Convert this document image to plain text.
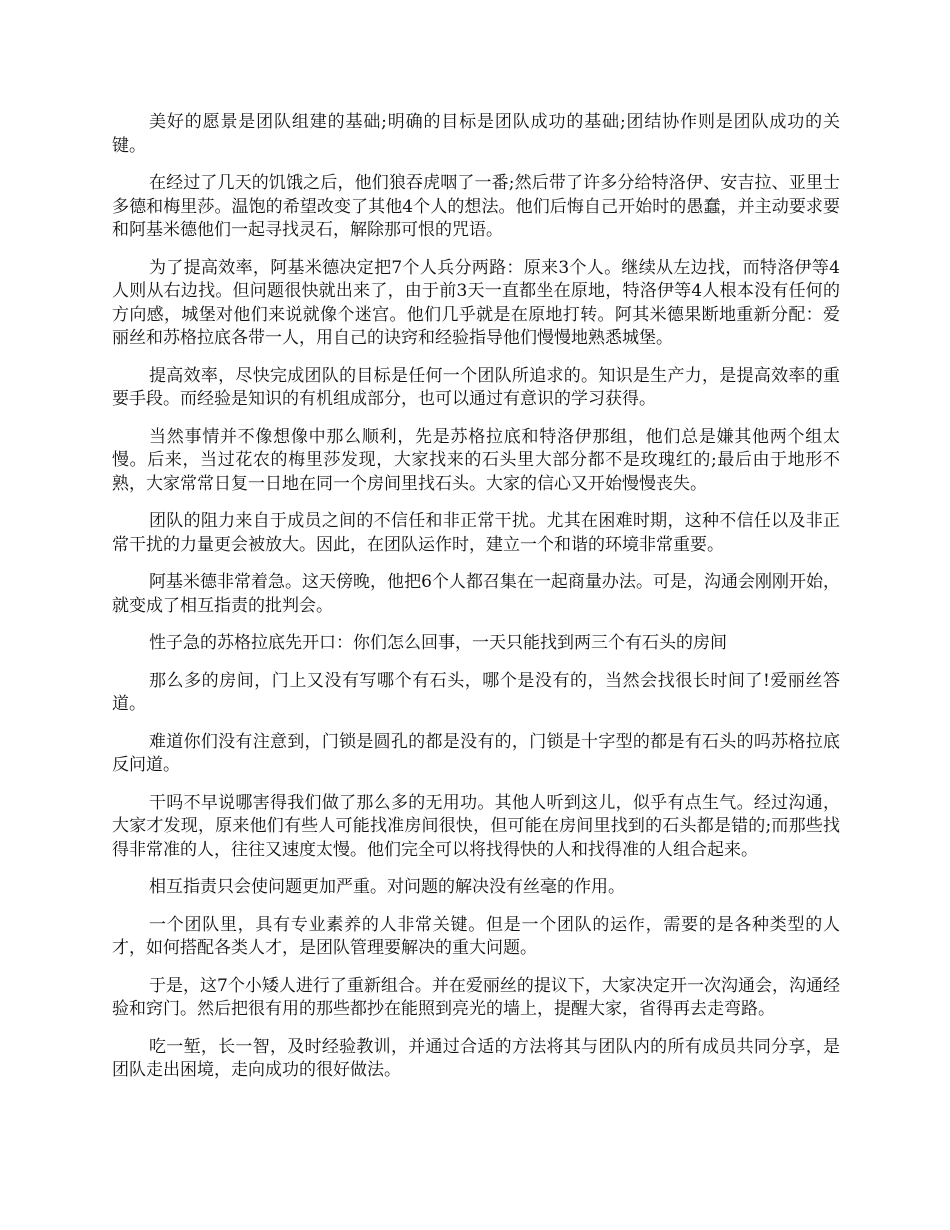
美好的愿景是团队组建的基础;明确的目标是团队成功的基础;团结协作则是团队成功的关键。

在经过了几天的饥饿之后，他们狼吞虎咽了一番;然后带了许多分给特洛伊、安吉拉、亚里士多德和梅里莎。温饱的希望改变了其他4个人的想法。他们后悔自己开始时的愚蠢，并主动要求要和阿基米德他们一起寻找灵石，解除那可恨的咒语。

为了提高效率，阿基米德决定把7个人兵分两路：原来3个人。继续从左边找，而特洛伊等4人则从右边找。但问题很快就出来了，由于前3天一直都坐在原地，特洛伊等4人根本没有任何的方向感，城堡对他们来说就像个迷宫。他们几乎就是在原地打转。阿其米德果断地重新分配：爱丽丝和苏格拉底各带一人，用自己的诀窍和经验指导他们慢慢地熟悉城堡。

提高效率，尽快完成团队的目标是任何一个团队所追求的。知识是生产力，是提高效率的重要手段。而经验是知识的有机组成部分，也可以通过有意识的学习获得。

当然事情并不像想像中那么顺利，先是苏格拉底和特洛伊那组，他们总是嫌其他两个组太慢。后来，当过花农的梅里莎发现，大家找来的石头里大部分都不是玫瑰红的;最后由于地形不熟，大家常常日复一日地在同一个房间里找石头。大家的信心又开始慢慢丧失。

团队的阻力来自于成员之间的不信任和非正常干扰。尤其在困难时期，这种不信任以及非正常干扰的力量更会被放大。因此，在团队运作时，建立一个和谐的环境非常重要。

阿基米德非常着急。这天傍晚，他把6个人都召集在一起商量办法。可是，沟通会刚刚开始，就变成了相互指责的批判会。

性子急的苏格拉底先开口：你们怎么回事，一天只能找到两三个有石头的房间

那么多的房间，门上又没有写哪个有石头，哪个是没有的，当然会找很长时间了!爱丽丝答道。

难道你们没有注意到，门锁是圆孔的都是没有的，门锁是十字型的都是有石头的吗苏格拉底反问道。

干吗不早说哪害得我们做了那么多的无用功。其他人听到这儿，似乎有点生气。经过沟通，大家才发现，原来他们有些人可能找准房间很快，但可能在房间里找到的石头都是错的;而那些找得非常准的人，往往又速度太慢。他们完全可以将找得快的人和找得准的人组合起来。

相互指责只会使问题更加严重。对问题的解决没有丝毫的作用。

一个团队里，具有专业素养的人非常关键。但是一个团队的运作，需要的是各种类型的人才，如何搭配各类人才，是团队管理要解决的重大问题。

于是，这7个小矮人进行了重新组合。并在爱丽丝的提议下，大家决定开一次沟通会，沟通经验和窍门。然后把很有用的那些都抄在能照到亮光的墙上，提醒大家，省得再去走弯路。

吃一堑，长一智，及时经验教训，并通过合适的方法将其与团队内的所有成员共同分享，是团队走出困境，走向成功的很好做法。
